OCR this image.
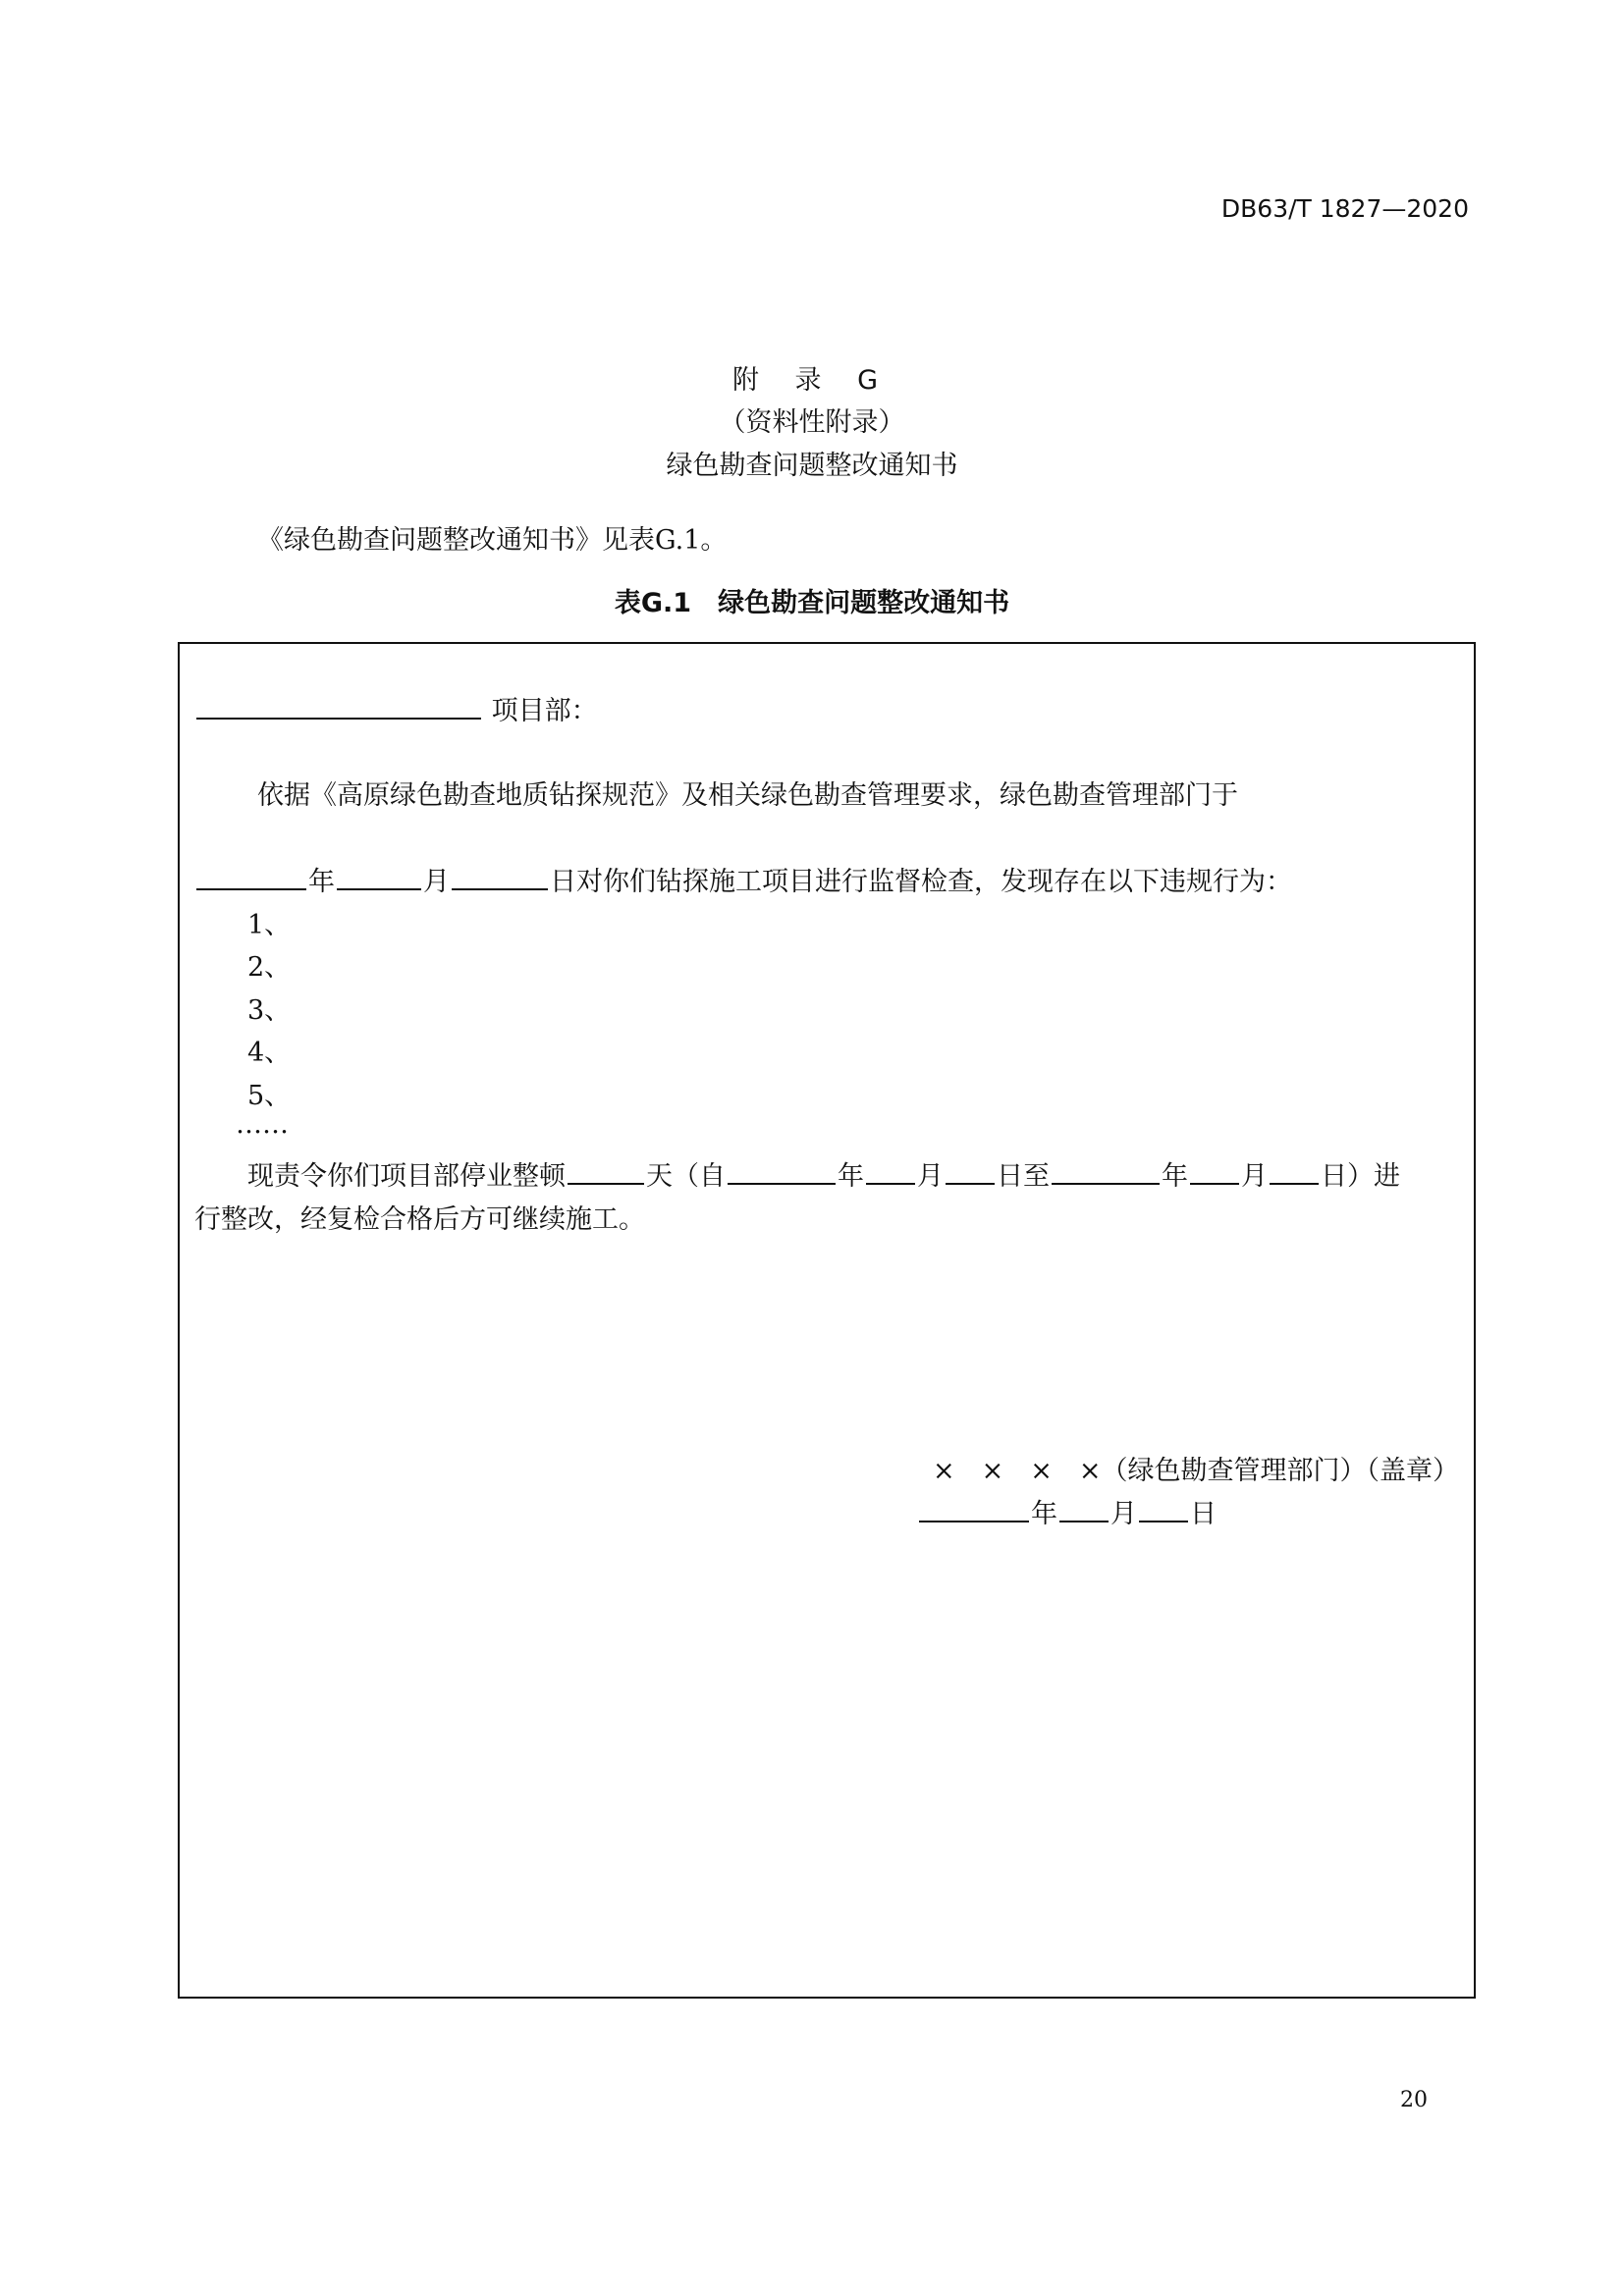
DB63/T 1827—2020
附 录 G
（资料性附录）
绿色勘查问题整改通知书
《绿色勘查问题整改通知书》见表G.1。
表G.1　绿色勘查问题整改通知书
项目部：
依据《高原绿色勘查地质钻探规范》及相关绿色勘查管理要求，绿色勘查管理部门于
年	月	日对你们钻探施工项目进行监督检查，发现存在以下违规行为：
1、
2、
3、
4、
5、
……
现责令你们项目部停业整顿	天（自	年 月 日至	年 月 日）进
行整改，经复检合格后方可继续施工。
×　×　×　×（绿色勘查管理部门）（盖章）
年 月 日
20
